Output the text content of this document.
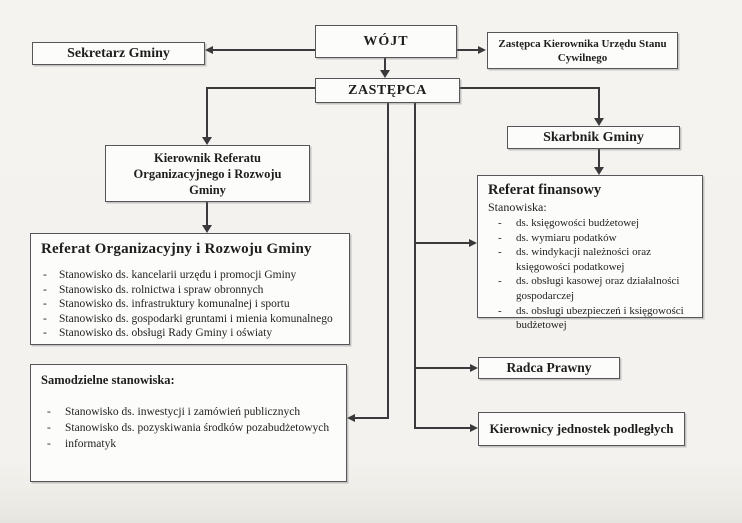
WÓJT
Sekretarz Gminy
Zastępca Kierownika Urzędu Stanu Cywilnego
ZASTĘPCA
Kierownik Referatu Organizacyjnego i Rozwoju Gminy
Skarbnik Gminy
Referat Organizacyjny i Rozwoju Gminy
- Stanowisko ds. kancelarii urzędu i promocji Gminy
- Stanowisko ds. rolnictwa i spraw obronnych
- Stanowisko ds. infrastruktury komunalnej i sportu
- Stanowisko ds. gospodarki gruntami i mienia komunalnego
- Stanowisko ds. obsługi Rady Gminy i oświaty
Referat finansowy
Stanowiska:
- ds. księgowości budżetowej
- ds. wymiaru podatków
- ds. windykacji należności oraz księgowości podatkowej
- ds. obsługi kasowej oraz działalności gospodarczej
- ds. obsługi ubezpieczeń i księgowości budżetowej
Samodzielne stanowiska:
- Stanowisko ds. inwestycji i zamówień publicznych
- Stanowisko ds. pozyskiwania środków pozabudżetowych
- informatyk
Radca Prawny
Kierownicy jednostek podległych
